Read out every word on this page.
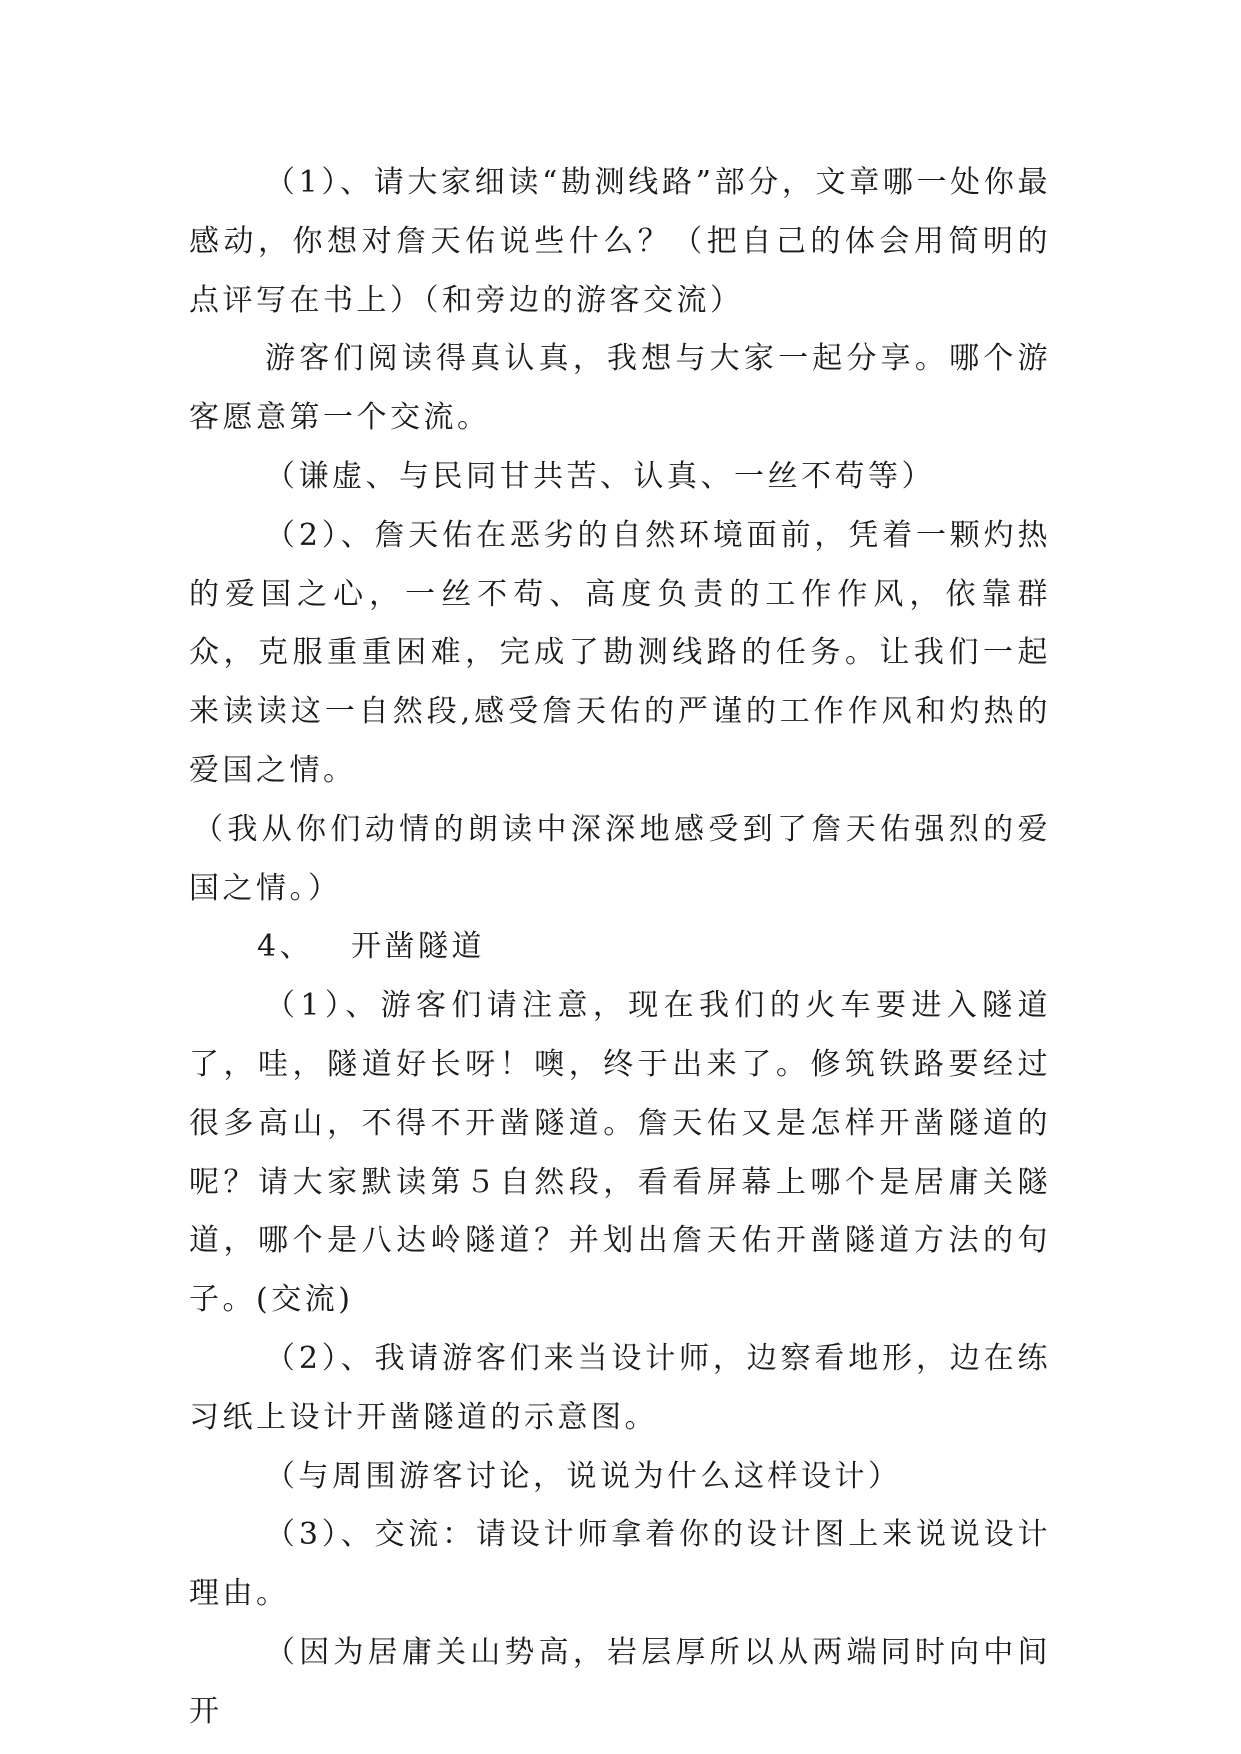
（1）、请大家细读“勘测线路”部分，文章哪一处你最感动，你想对詹天佑说些什么？（把自己的体会用简明的点评写在书上）（和旁边的游客交流）

游客们阅读得真认真，我想与大家一起分享。哪个游客愿意第一个交流。

（谦虚、与民同甘共苦、认真、一丝不苟等）

（2）、詹天佑在恶劣的自然环境面前，凭着一颗灼热的爱国之心，一丝不苟、高度负责的工作作风，依靠群众，克服重重困难，完成了勘测线路的任务。让我们一起来读读这一自然段,感受詹天佑的严谨的工作作风和灼热的爱国之情。

（我从你们动情的朗读中深深地感受到了詹天佑强烈的爱国之情。）

4、 开凿隧道

（1）、游客们请注意，现在我们的火车要进入隧道了，哇，隧道好长呀！噢，终于出来了。修筑铁路要经过很多高山，不得不开凿隧道。詹天佑又是怎样开凿隧道的呢？请大家默读第５自然段，看看屏幕上哪个是居庸关隧道，哪个是八达岭隧道？并划出詹天佑开凿隧道方法的句子。(交流)

（2）、我请游客们来当设计师，边察看地形，边在练习纸上设计开凿隧道的示意图。

（与周围游客讨论，说说为什么这样设计）

（3）、交流：请设计师拿着你的设计图上来说说设计理由。

（因为居庸关山势高，岩层厚所以从两端同时向中间开
